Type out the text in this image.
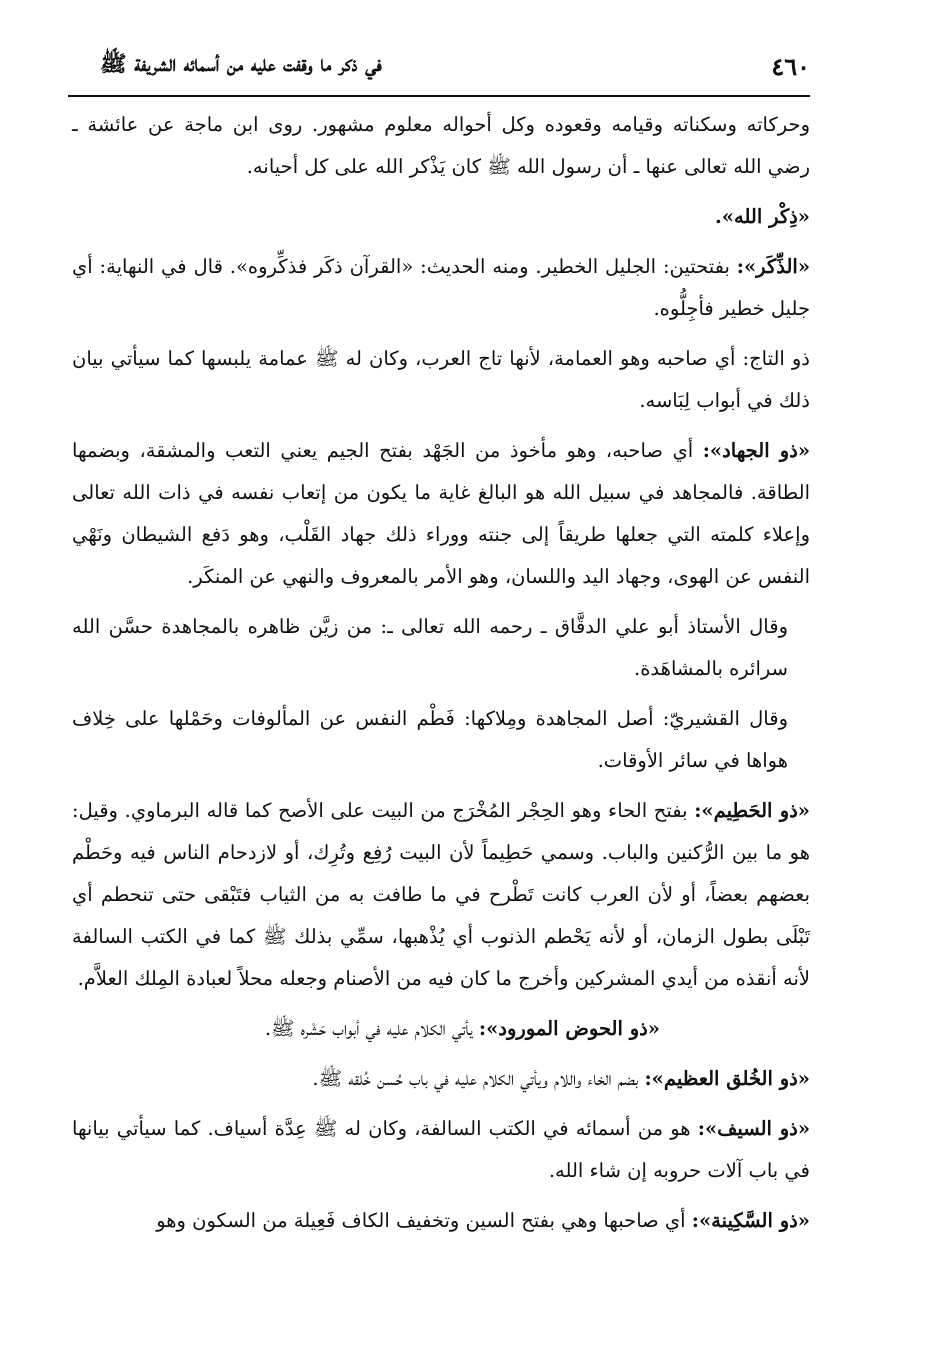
٤٦٠
في ذكر ما وقفت عليه من أسمائه الشريفة ﷺ

وحركاته وسكناته وقيامه وقعوده وكل أحواله معلوم مشهور. روى ابن ماجة عن عائشة ـ رضي الله تعالى عنها ـ أن رسول الله ﷺ كان يَذْكر الله على كل أحيانه.

«ذِكْر الله».

«الذِّكَر»: بفتحتين: الجليل الخطير. ومنه الحديث: «القرآن ذكَر فذكِّروه». قال في النهاية: أي جليل خطير فأجِلُّوه.

ذو التاج: أي صاحبه وهو العمامة، لأنها تاج العرب، وكان له ﷺ عمامة يلبسها كما سيأتي بيان ذلك في أبواب لِبَاسه.

«ذو الجهاد»: أي صاحبه، وهو مأخوذ من الجَهْد بفتح الجيم يعني التعب والمشقة، وبضمها الطاقة. فالمجاهد في سبيل الله هو البالغ غاية ما يكون من إتعاب نفسه في ذات الله تعالى وإعلاء كلمته التي جعلها طريقاً إلى جنته ووراء ذلك جهاد القَلْب، وهو دَفع الشيطان ونَهْي النفس عن الهوى، وجهاد اليد واللسان، وهو الأمر بالمعروف والنهي عن المنكَر.

وقال الأستاذ أبو علي الدقَّاق ـ رحمه الله تعالى ـ: من زيَّن ظاهره بالمجاهدة حسَّن الله سرائره بالمشاهَدة.

وقال القشيريّ: أصل المجاهدة ومِلاكها: فَطْم النفس عن المألوفات وحَمْلها على خِلاف هواها في سائر الأوقات.

«ذو الحَطِيم»: بفتح الحاء وهو الحِجْر المُخْرَج من البيت على الأصح كما قاله البرماوي. وقيل: هو ما بين الرُّكنين والباب. وسمي حَطِيماً لأن البيت رُفِع وتُرِك، أو لازدحام الناس فيه وحَطْم بعضهم بعضاً، أو لأن العرب كانت تَطْرح في ما طافت به من الثياب فتَبْقى حتى تنحطم أي تَبْلَى بطول الزمان، أو لأنه يَحْطم الذنوب أي يُذْهبها، سمِّي بذلك ﷺ كما في الكتب السالفة لأنه أنقذه من أيدي المشركين وأخرج ما كان فيه من الأصنام وجعله محلاً لعبادة المِلك العلاَّم.

«ذو الحوض المورود»: يأتي الكلام عليه في أبواب حَشْره ﷺ.

«ذو الخُلق العظيم»: بضم الخاء واللام ويأتي الكلام عليه في باب حُسن خُلقه ﷺ.

«ذو السيف»: هو من أسمائه في الكتب السالفة، وكان له ﷺ عِدَّة أسياف. كما سيأتي بيانها في باب آلات حروبه إن شاء الله.

«ذو السَّكِينة»: أي صاحبها وهي بفتح السين وتخفيف الكاف فَعِيلة من السكون وهو
